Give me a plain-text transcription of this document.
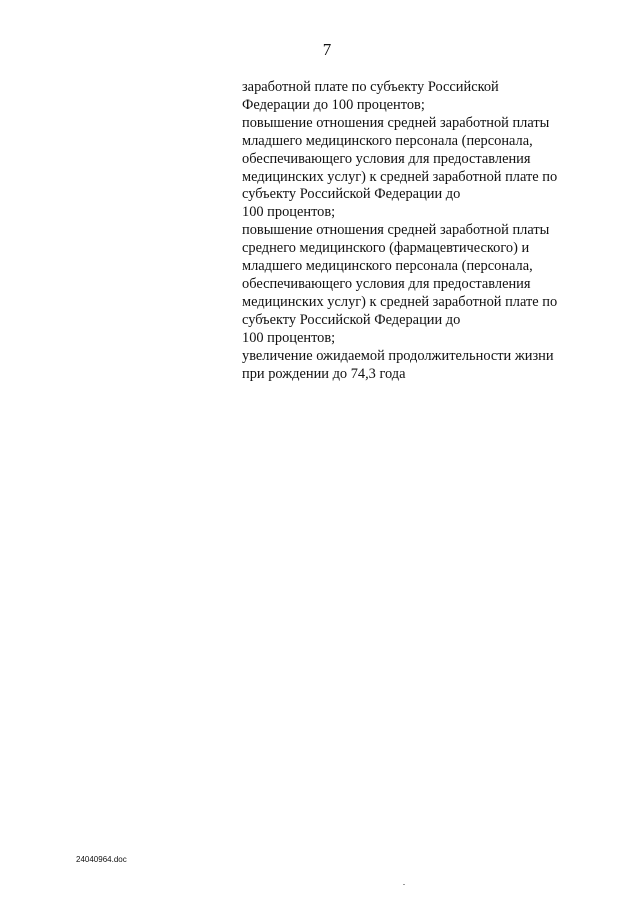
7
заработной плате по субъекту Российской
Федерации до 100 процентов;
повышение отношения средней заработной платы
младшего медицинского персонала (персонала,
обеспечивающего условия для предоставления
медицинских услуг) к средней заработной плате по
субъекту Российской Федерации до
100 процентов;
повышение отношения средней заработной платы
среднего медицинского (фармацевтического) и
младшего медицинского персонала (персонала,
обеспечивающего условия для предоставления
медицинских услуг) к средней заработной плате по
субъекту Российской Федерации до
100 процентов;
увеличение ожидаемой продолжительности жизни
при рождении до 74,3 года
24040964.doc
